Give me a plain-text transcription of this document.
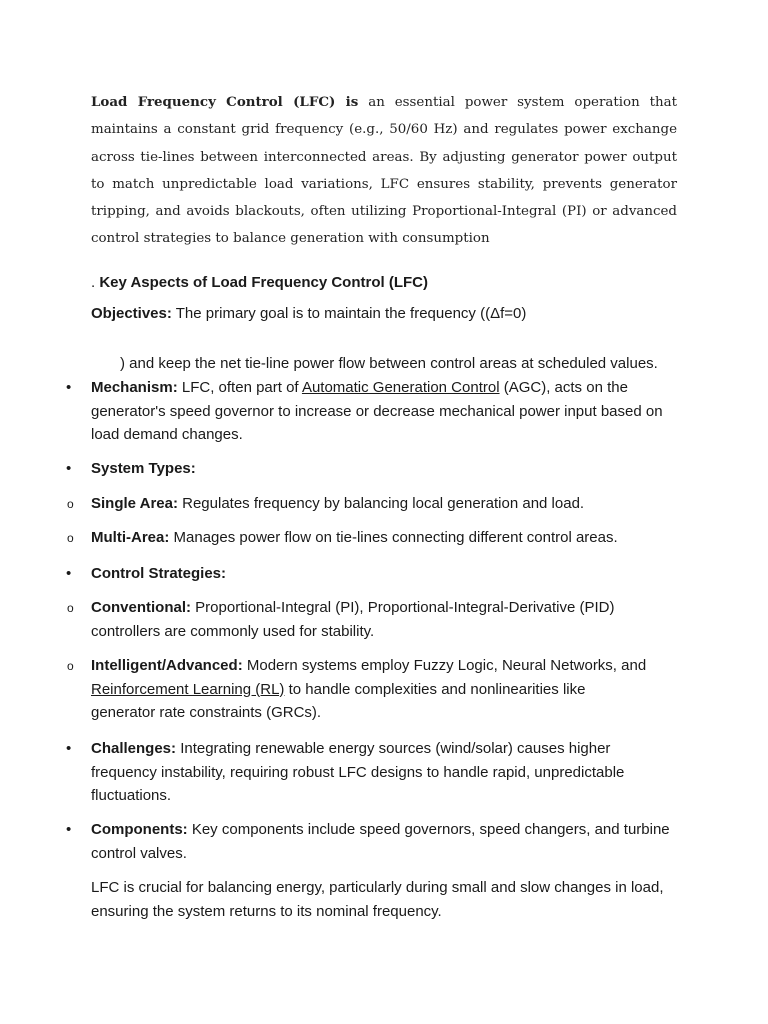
Load Frequency Control (LFC) is an essential power system operation that maintains a constant grid frequency (e.g., 50/60 Hz) and regulates power exchange across tie-lines between interconnected areas. By adjusting generator power output to match unpredictable load variations, LFC ensures stability, prevents generator tripping, and avoids blackouts, often utilizing Proportional-Integral (PI) or advanced control strategies to balance generation with consumption

. Key Aspects of Load Frequency Control (LFC)

Objectives: The primary goal is to maintain the frequency ((Δf=0)

) and keep the net tie-line power flow between control areas at scheduled values.

• Mechanism: LFC, often part of Automatic Generation Control (AGC), acts on the generator's speed governor to increase or decrease mechanical power input based on load demand changes.

• System Types:

o Single Area: Regulates frequency by balancing local generation and load.

o Multi-Area: Manages power flow on tie-lines connecting different control areas.

• Control Strategies:

o Conventional: Proportional-Integral (PI), Proportional-Integral-Derivative (PID) controllers are commonly used for stability.

o Intelligent/Advanced: Modern systems employ Fuzzy Logic, Neural Networks, and Reinforcement Learning (RL) to handle complexities and nonlinearities like generator rate constraints (GRCs).

• Challenges: Integrating renewable energy sources (wind/solar) causes higher frequency instability, requiring robust LFC designs to handle rapid, unpredictable fluctuations.

• Components: Key components include speed governors, speed changers, and turbine control valves.

LFC is crucial for balancing energy, particularly during small and slow changes in load, ensuring the system returns to its nominal frequency.
